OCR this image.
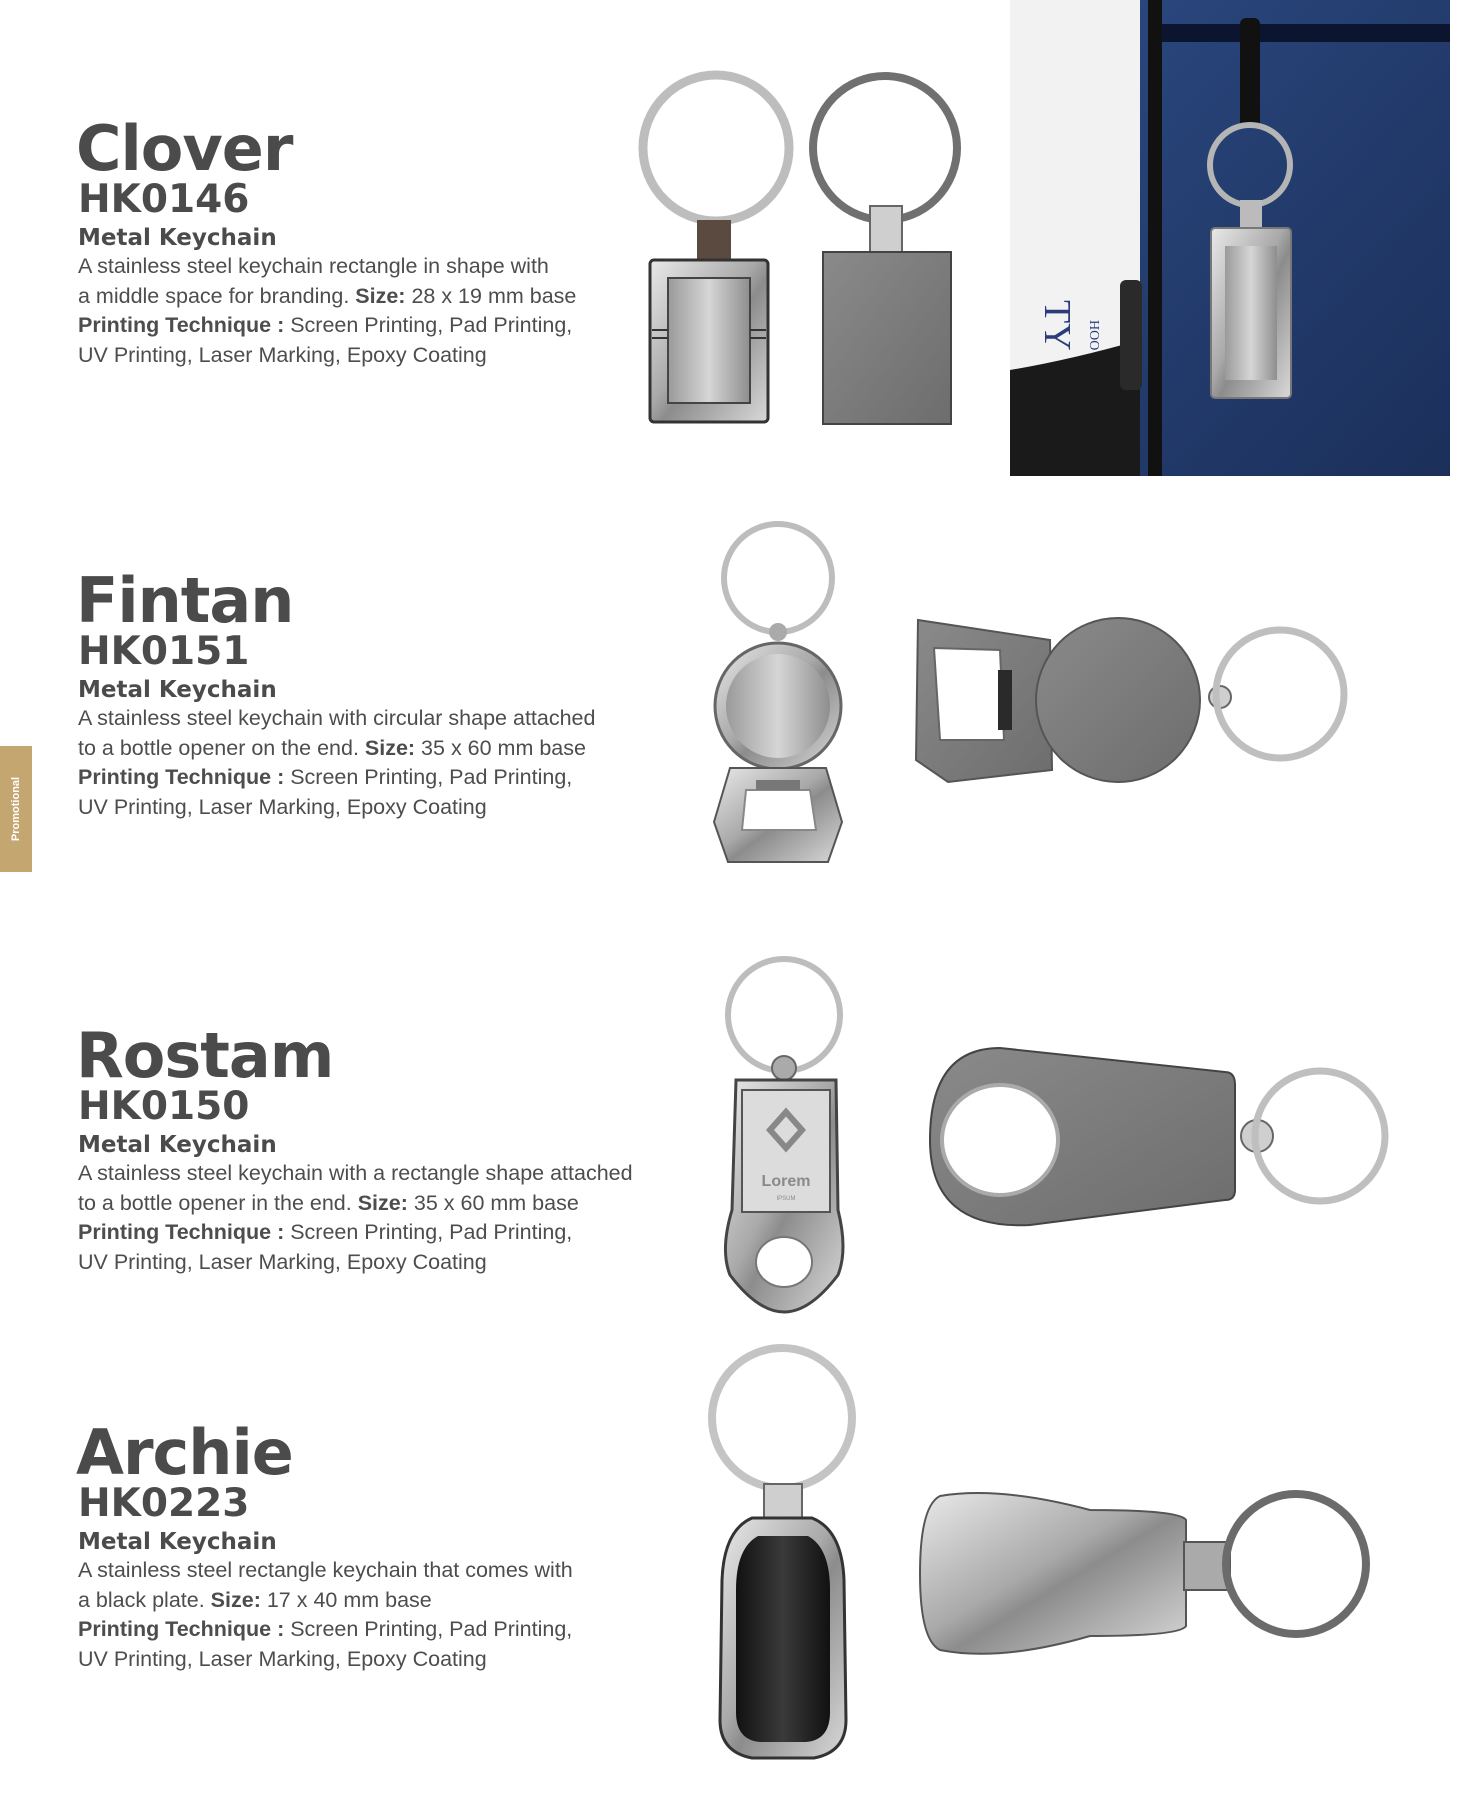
Promotional
Clover
HK0146
Metal Keychain
A stainless steel keychain rectangle in shape with
a middle space for branding. Size: 28 x 19 mm base
Printing Technique : Screen Printing, Pad Printing,
UV Printing, Laser Marking, Epoxy Coating
Fintan
HK0151
Metal Keychain
A stainless steel keychain with circular shape attached
to a bottle opener on the end. Size: 35 x 60 mm base
Printing Technique : Screen Printing, Pad Printing,
UV Printing, Laser Marking, Epoxy Coating
Rostam
HK0150
Metal Keychain
A stainless steel keychain with a rectangle shape attached
to a bottle opener in the end. Size: 35 x 60 mm base
Printing Technique : Screen Printing, Pad Printing,
UV Printing, Laser Marking, Epoxy Coating
Archie
HK0223
Metal Keychain
A stainless steel rectangle keychain that comes with
a black plate. Size: 17 x 40 mm base
Printing Technique : Screen Printing, Pad Printing,
UV Printing, Laser Marking, Epoxy Coating
TY HOO
Lorem
IPSUM
